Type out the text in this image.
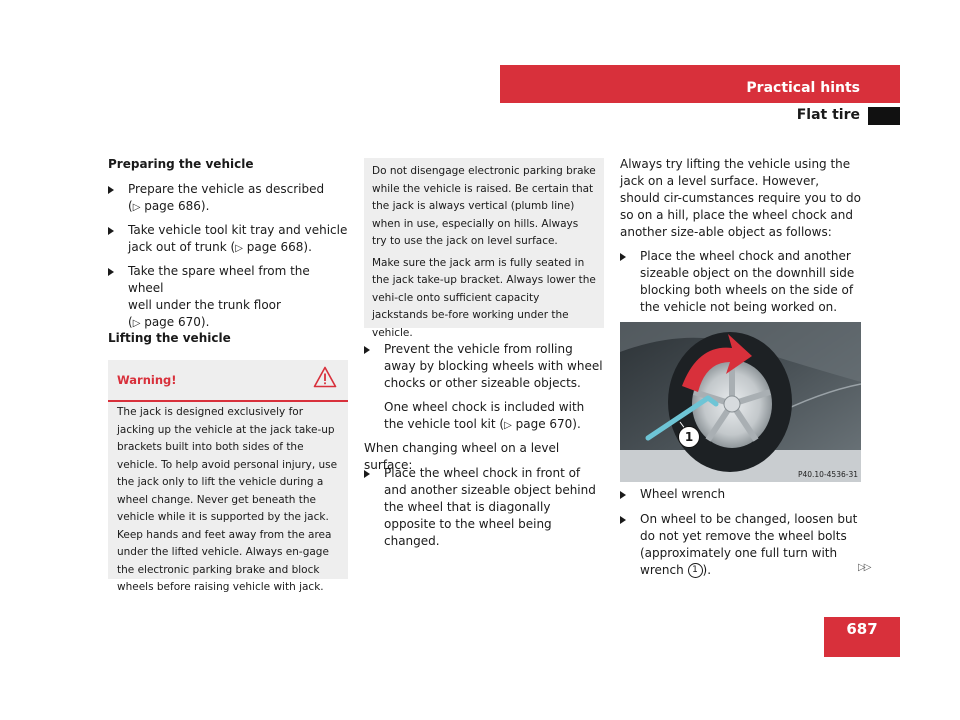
Practical hints
Flat tire
Preparing the vehicle
Prepare the vehicle as described
(▷ page 686).
Take vehicle tool kit tray and vehicle
jack out of trunk (▷ page 668).
Take the spare wheel from the wheel
well under the trunk floor
(▷ page 670).
Lifting the vehicle
Warning!
The jack is designed exclusively for jacking up the vehicle at the jack take-up brackets built into both sides of the vehicle. To help avoid personal injury, use the jack only to lift the vehicle during a wheel change. Never get beneath the vehicle while it is supported by the jack. Keep hands and feet away from the area under the lifted vehicle. Always en-gage the electronic parking brake and block wheels before raising vehicle with jack.
Do not disengage electronic parking brake while the vehicle is raised. Be certain that the jack is always vertical (plumb line) when in use, especially on hills. Always try to use the jack on level surface.
Make sure the jack arm is fully seated in the jack take-up bracket. Always lower the vehi-cle onto sufficient capacity jackstands be-fore working under the vehicle.
Prevent the vehicle from rolling away by blocking wheels with wheel chocks or other sizeable objects.
One wheel chock is included with the vehicle tool kit (▷ page 670).
When changing wheel on a level surface:
Place the wheel chock in front of and another sizeable object behind the wheel that is diagonally opposite to the wheel being changed.
Always try lifting the vehicle using the jack on a level surface. However, should cir-cumstances require you to do so on a hill, place the wheel chock and another size-able object as follows:
Place the wheel chock and another sizeable object on the downhill side blocking both wheels on the side of the vehicle not being worked on.
1
P40.10-4536-31
Wheel wrench
On wheel to be changed, loosen but do not yet remove the wheel bolts (approximately one full turn with wrench 1 ).	▷▷
687
